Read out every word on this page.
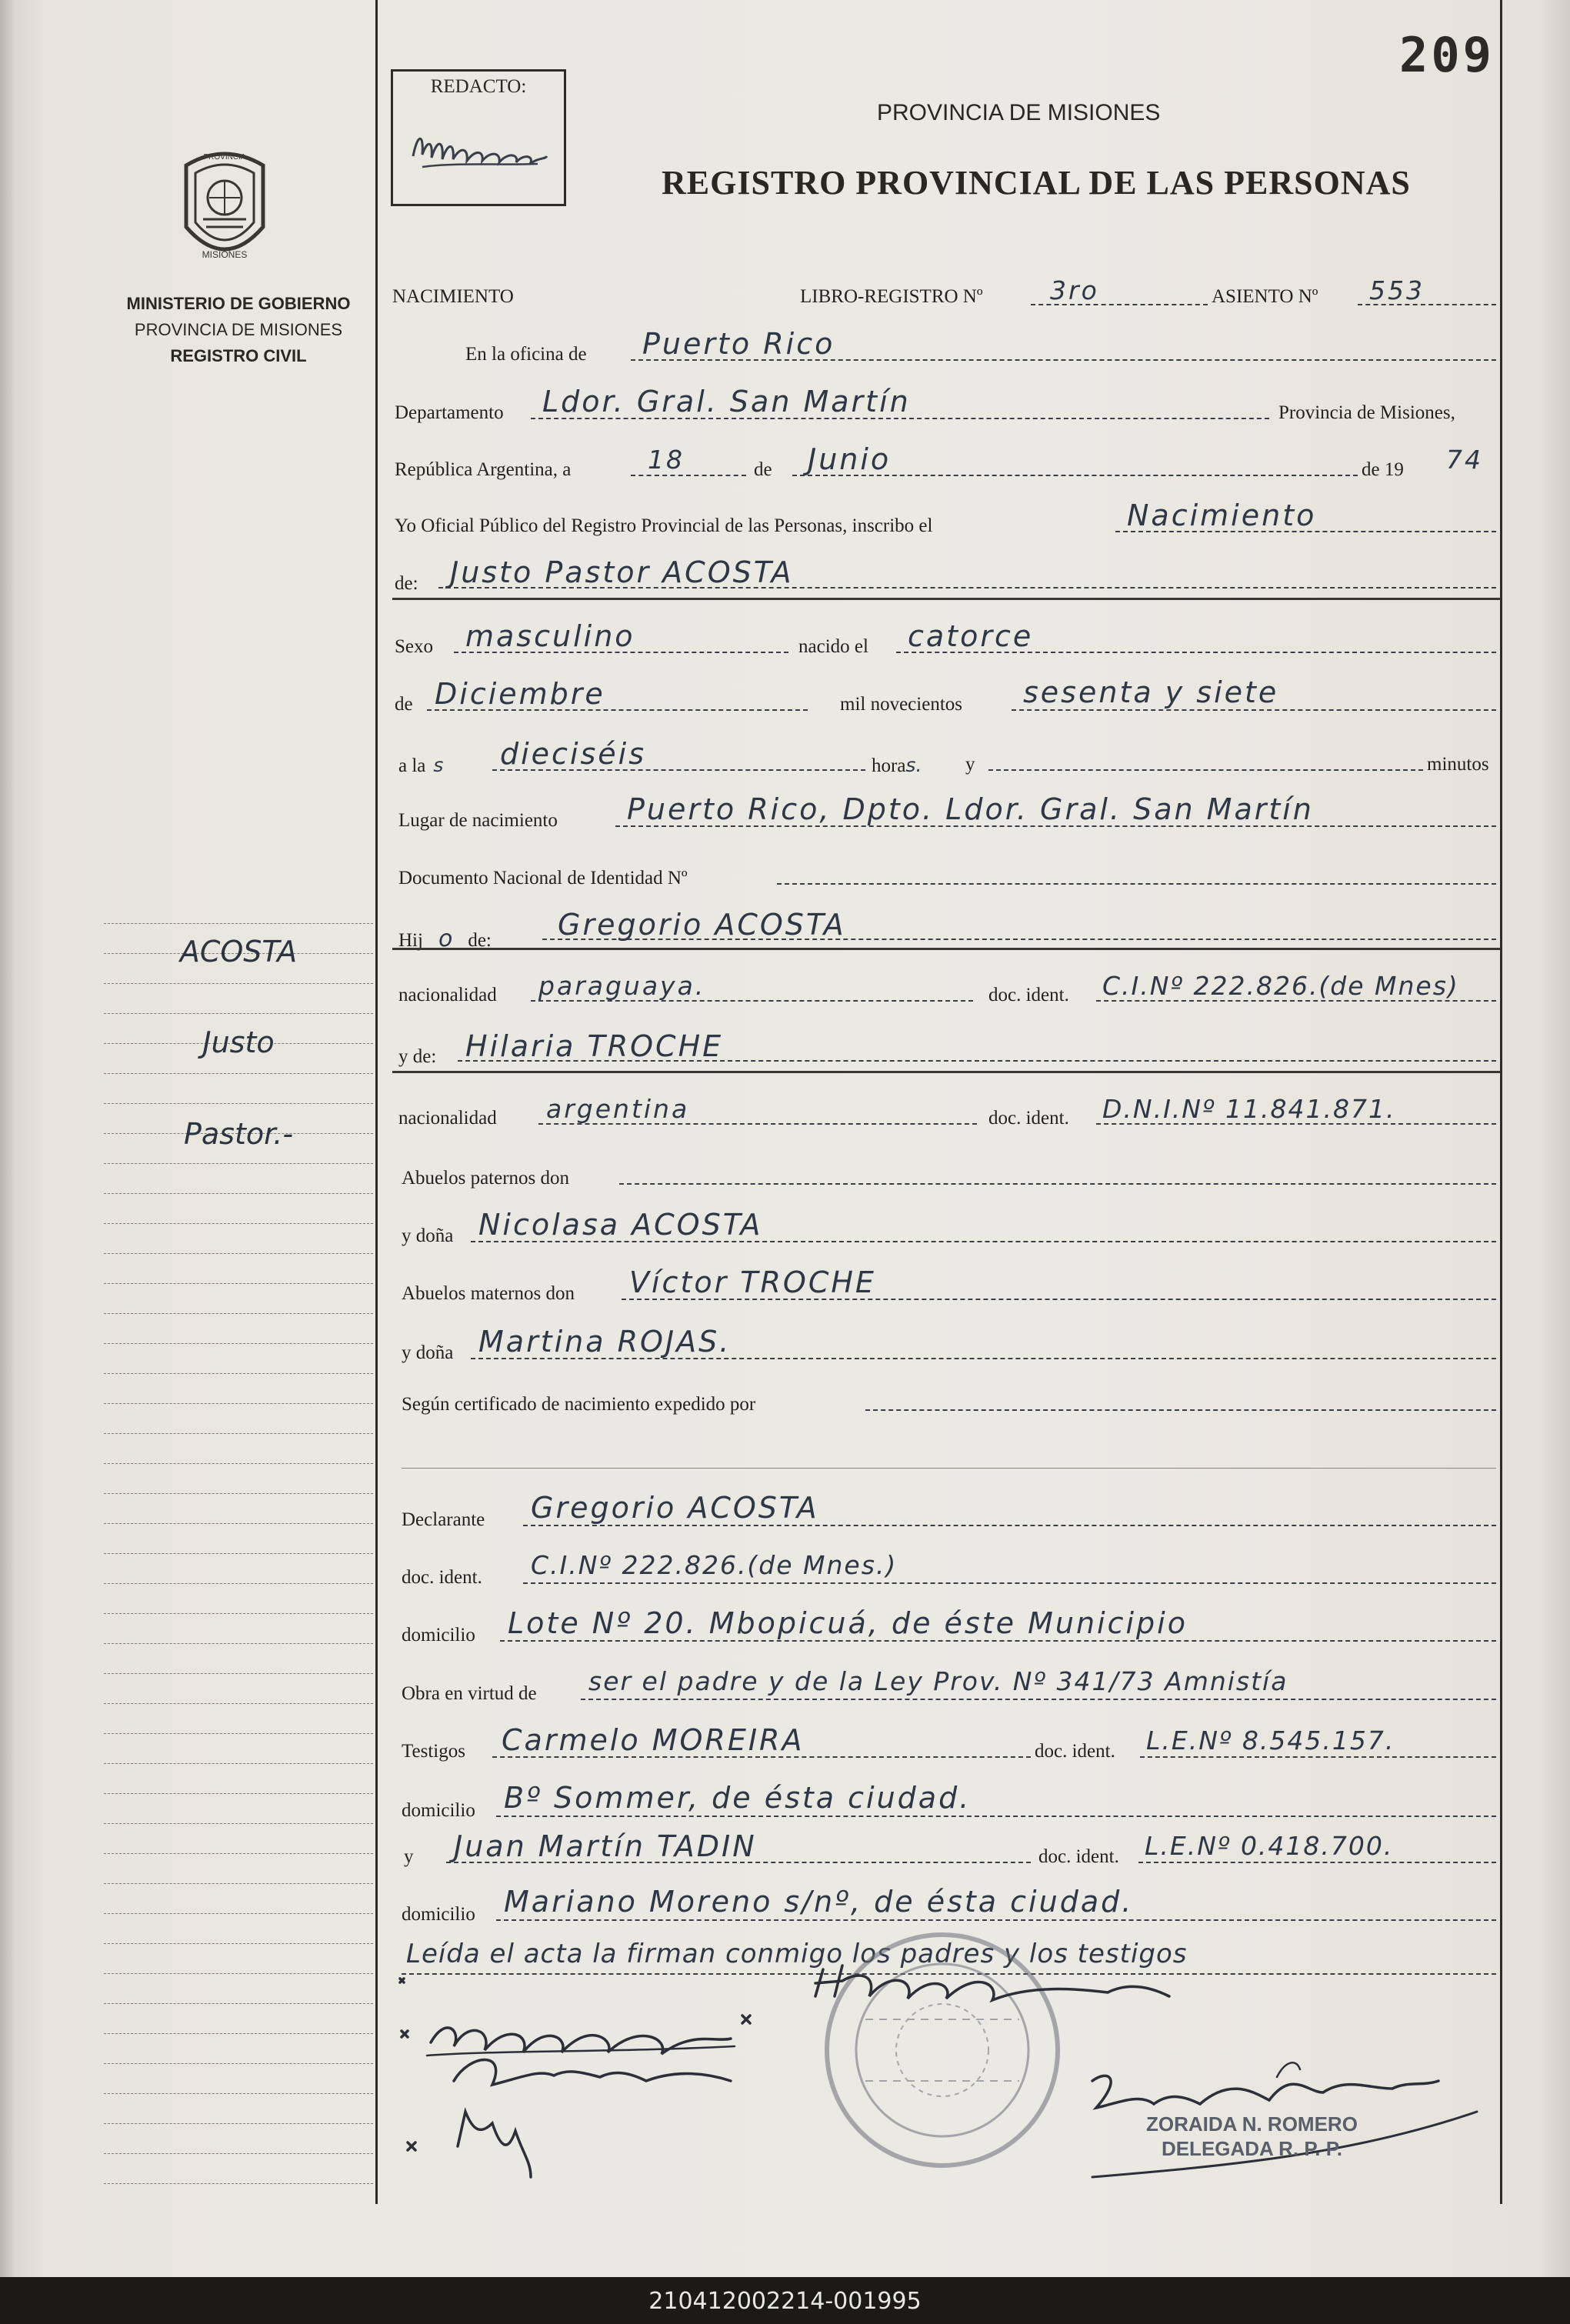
209
REDACTO:
PROVINCIA DE MISIONES
REGISTRO PROVINCIAL DE LAS PERSONAS
PROVINCIA
MISIONES
MINISTERIO DE GOBIERNO
PROVINCIA DE MISIONES
REGISTRO CIVIL
ACOSTA
Justo
Pastor.-
NACIMIENTO	LIBRO-REGISTRO Nº	3ro	ASIENTO Nº 553
En la oficina de Puerto Rico
Departamento Ldor. Gral. San Martín	Provincia de Misiones,
República Argentina, a	18	de Junio	de 19 74
Yo Oficial Público del Registro Provincial de las Personas, inscribo el	Nacimiento
de: Justo Pastor ACOSTA
Sexo masculino	nacido el catorce
de Diciembre	mil novecientos sesenta y siete
a la s dieciséis	horas. y	minutos
Lugar de nacimiento Puerto Rico, Dpto. Ldor. Gral. San Martín
Documento Nacional de Identidad Nº
Hij o de: Gregorio ACOSTA
nacionalidad paraguaya.	doc. ident. C.I.Nº 222.826.(de Mnes)
y de: Hilaria TROCHE
nacionalidad argentina	doc. ident. D.N.I.Nº 11.841.871.
Abuelos paternos don
y doña Nicolasa ACOSTA
Abuelos maternos don Víctor TROCHE
y doña Martina ROJAS.
Según certificado de nacimiento expedido por
Declarante Gregorio ACOSTA
doc. ident. C.I.Nº 222.826.(de Mnes.)
domicilio Lote Nº 20. Mbopicuá, de éste Municipio
Obra en virtud de ser el padre y de la Ley Prov. Nº 341/73 Amnistía
Testigos Carmelo MOREIRA	doc. ident. L.E.Nº 8.545.157.
domicilio Bº Sommer, de ésta ciudad.
y Juan Martín TADIN	doc. ident. L.E.Nº 0.418.700.
domicilio Mariano Moreno s/nº, de ésta ciudad.
Leída el acta la firman conmigo los padres y los testigos
ZORAIDA N. ROMERO
DELEGADA R. P. P.
210412002214-001995
